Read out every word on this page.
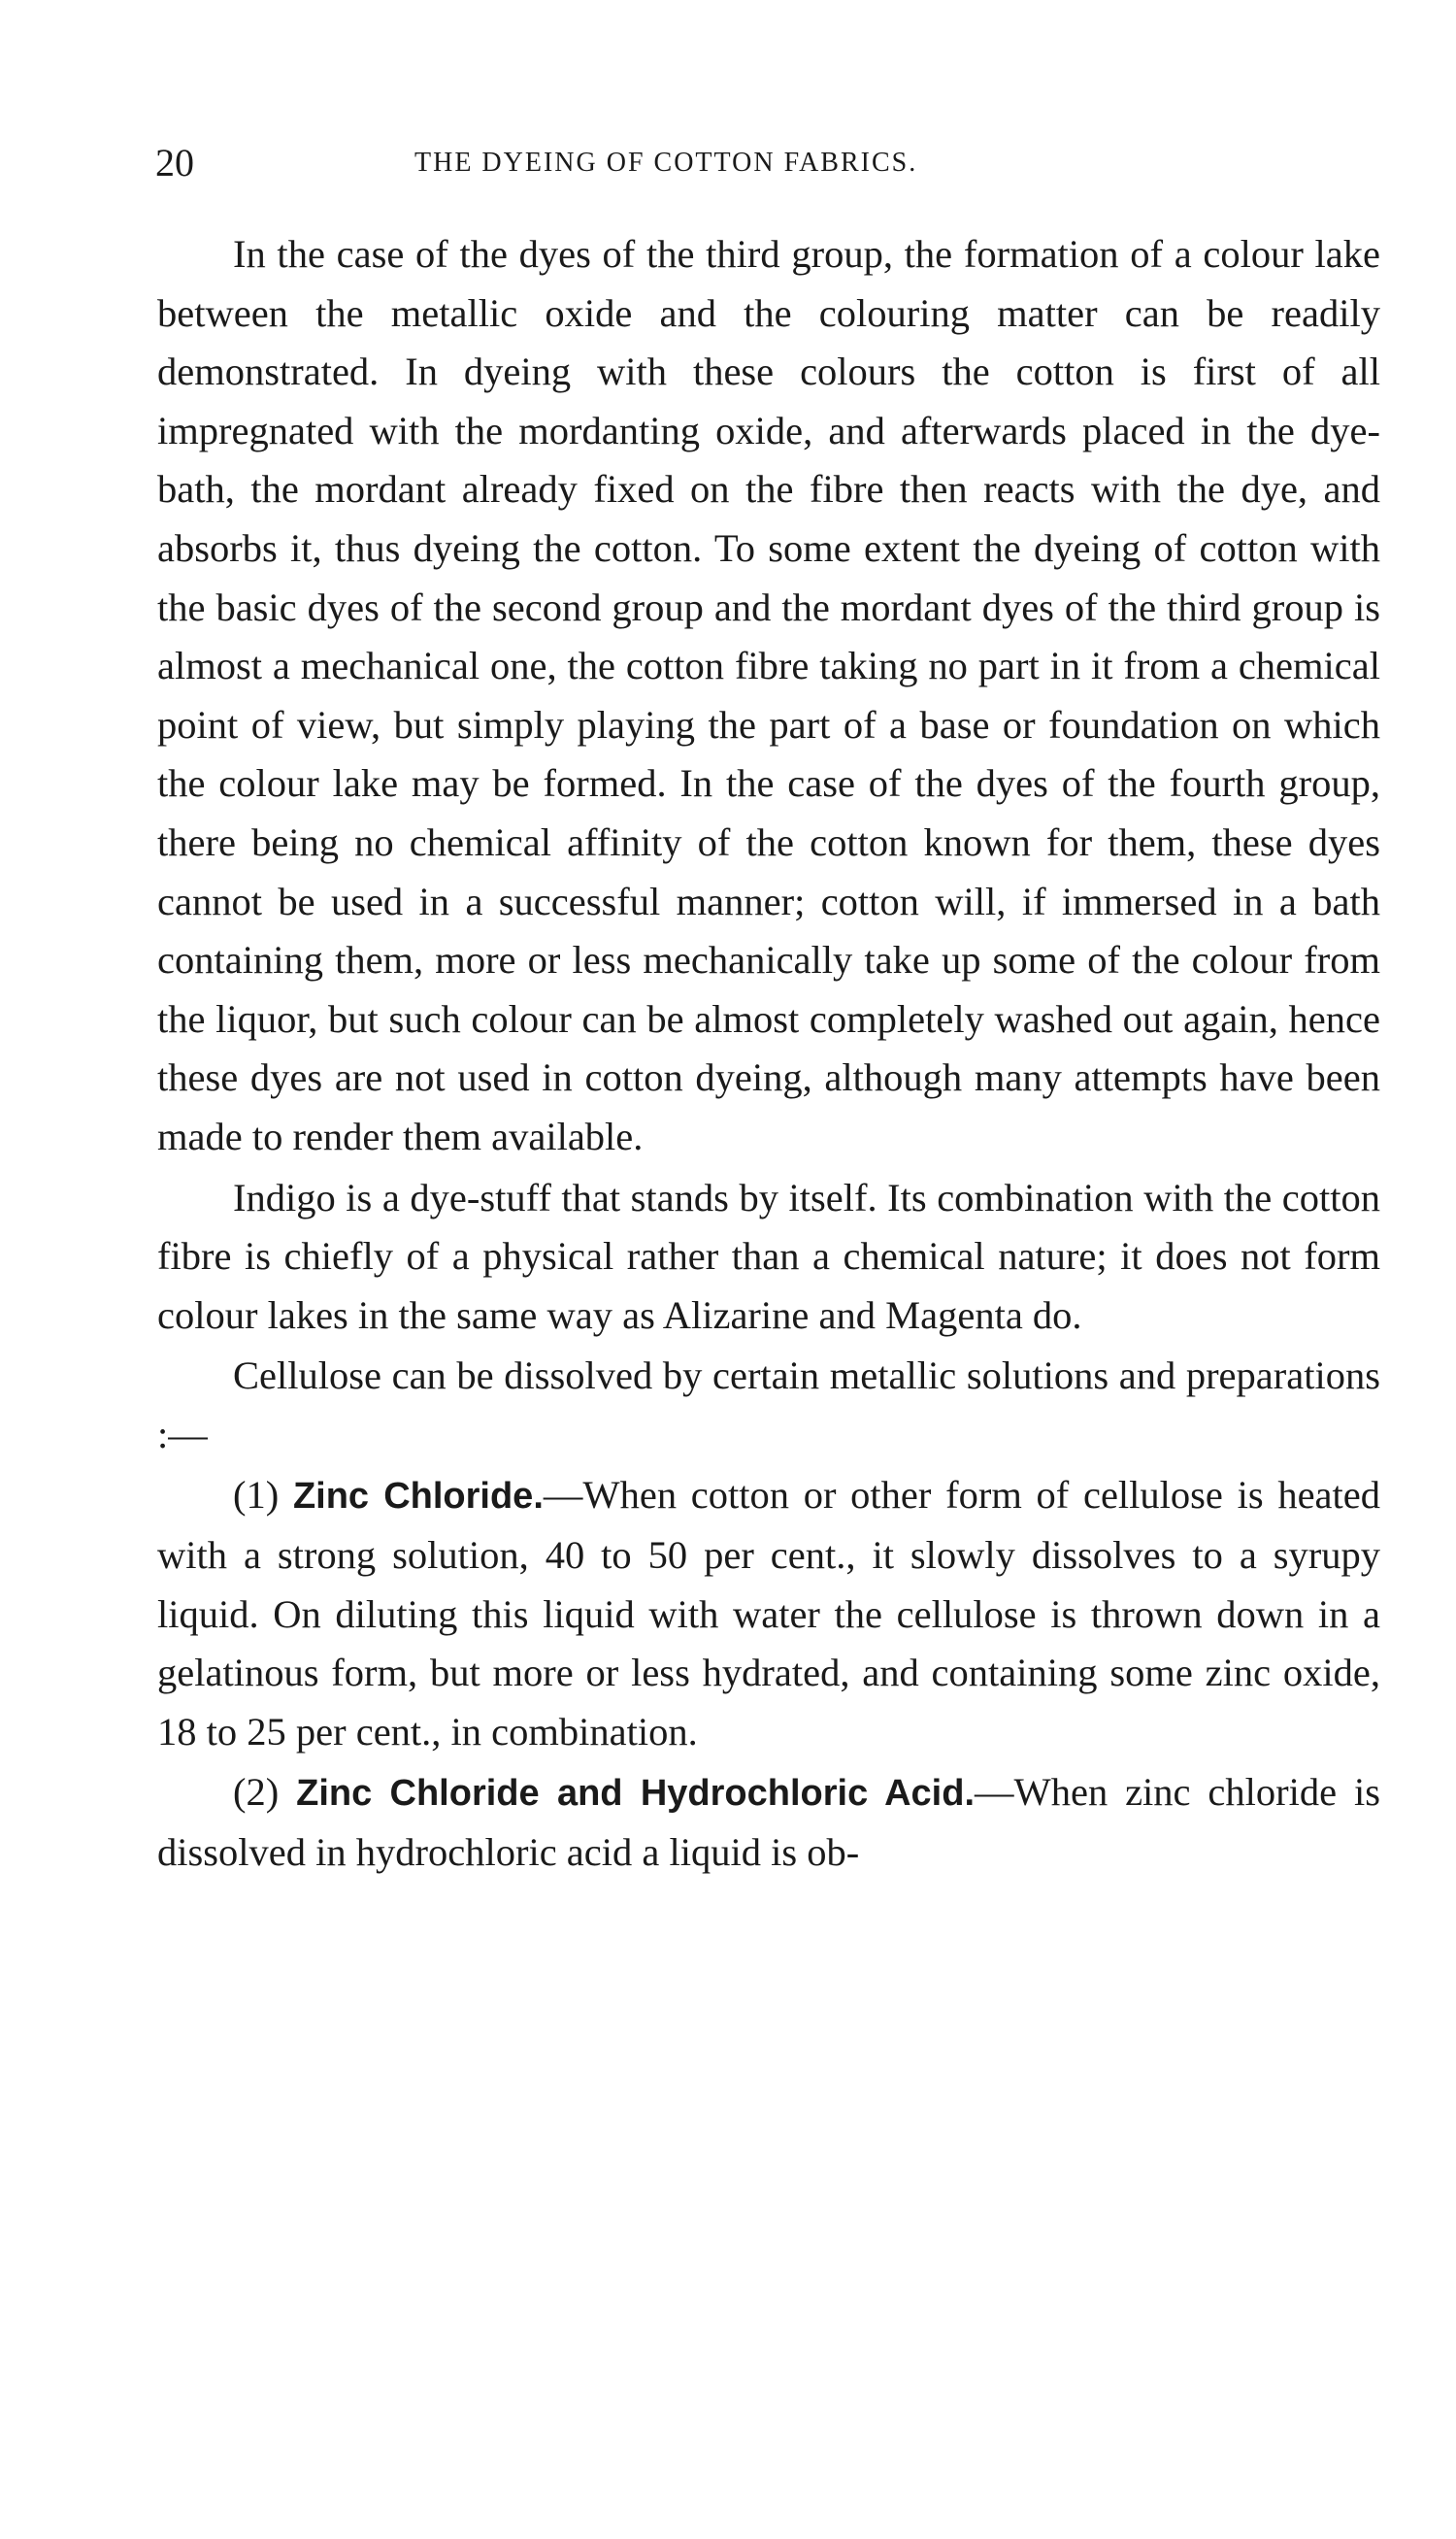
20	THE DYEING OF COTTON FABRICS.

In the case of the dyes of the third group, the formation of a colour lake between the metallic oxide and the colouring matter can be readily demonstrated. In dyeing with these colours the cotton is first of all impregnated with the mordanting oxide, and afterwards placed in the dye-bath, the mordant already fixed on the fibre then reacts with the dye, and absorbs it, thus dyeing the cotton. To some extent the dyeing of cotton with the basic dyes of the second group and the mordant dyes of the third group is almost a mechanical one, the cotton fibre taking no part in it from a chemical point of view, but simply playing the part of a base or foundation on which the colour lake may be formed. In the case of the dyes of the fourth group, there being no chemical affinity of the cotton known for them, these dyes cannot be used in a successful manner; cotton will, if immersed in a bath containing them, more or less mechanically take up some of the colour from the liquor, but such colour can be almost completely washed out again, hence these dyes are not used in cotton dyeing, although many attempts have been made to render them available.

Indigo is a dye-stuff that stands by itself. Its combination with the cotton fibre is chiefly of a physical rather than a chemical nature; it does not form colour lakes in the same way as Alizarine and Magenta do.

Cellulose can be dissolved by certain metallic solutions and preparations :—

(1) Zinc Chloride.—When cotton or other form of cellulose is heated with a strong solution, 40 to 50 per cent., it slowly dissolves to a syrupy liquid. On diluting this liquid with water the cellulose is thrown down in a gelatinous form, but more or less hydrated, and containing some zinc oxide, 18 to 25 per cent., in combination.

(2) Zinc Chloride and Hydrochloric Acid.—When zinc chloride is dissolved in hydrochloric acid a liquid is ob-
